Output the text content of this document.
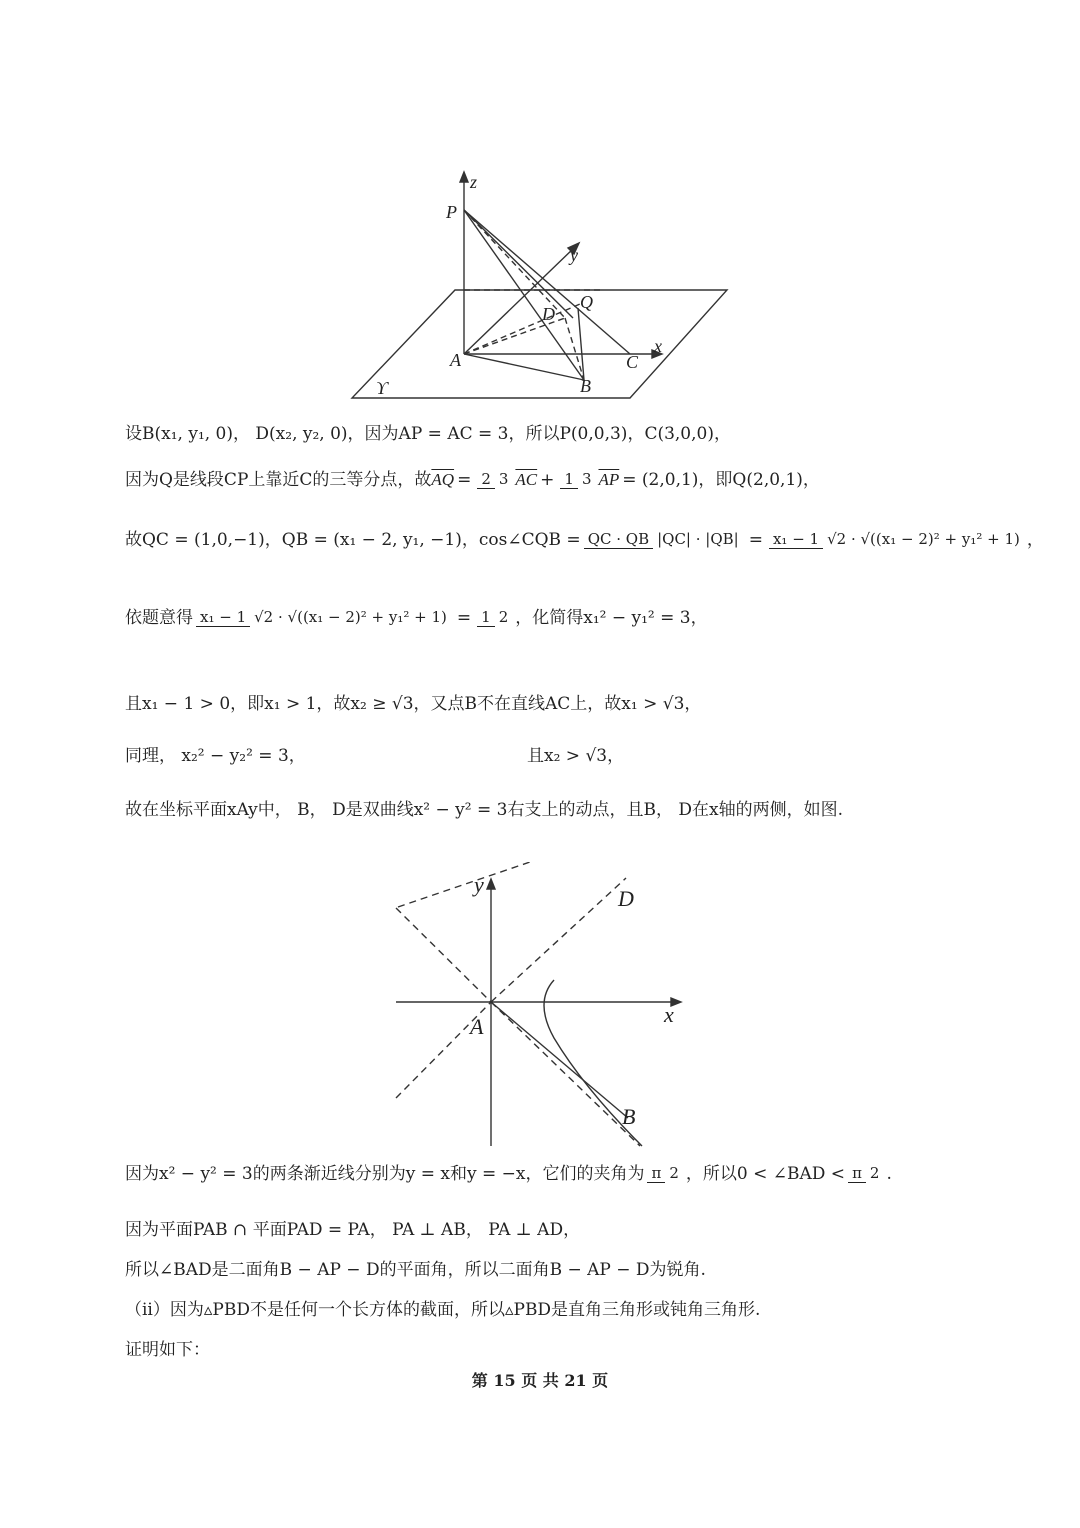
z
P
y
Q
D
x
A	C
B
ϒ
设B(x₁, y₁, 0)， D(x₂, y₂, 0)，因为AP = AC = 3，所以P(0,0,3)，C(3,0,0)，
因为Q是线段CP上靠近C的三等分点，故 $\overline{AQ} = 2$ 3 $\overline{AC} + 1$ 3 $\overline{AP} = (2,0,1)$，即Q(2,0,1)，
故QC = (1,0,−1)，QB = (x₁ − 2, y₁, −1)，cos∠CQB = QC · QB |QC| · |QB| = x₁ − 1 √2 · √((x₁ − 2)² + y₁² + 1) ，
依题意得 x₁ − 1 √2 · √((x₁ − 2)² + y₁² + 1) = 1 2 ，化简得x₁² − y₁² = 3，
且x₁ − 1 > 0，即x₁ > 1，故x₂ ≥ √3，又点B不在直线AC上，故x₁ > √3，
同理， x₂² − y₂² = 3，	且x₂ > √3，
故在坐标平面xAy中， B， D是双曲线x² − y² = 3右支上的动点，且B， D在x轴的两侧，如图.
y
x
A
B
D
因为x² − y² = 3的两条渐近线分别为y = x和y = −x，它们的夹角为 π 2 ，所以0 < ∠BAD < π 2 .
因为平面PAB ∩ 平面PAD = PA， PA ⊥ AB， PA ⊥ AD，
所以∠BAD是二面角B − AP − D的平面角，所以二面角B − AP − D为锐角.
（ii）因为▵PBD不是任何一个长方体的截面，所以▵PBD是直角三角形或钝角三角形.
证明如下：
第 15 页 共 21 页
